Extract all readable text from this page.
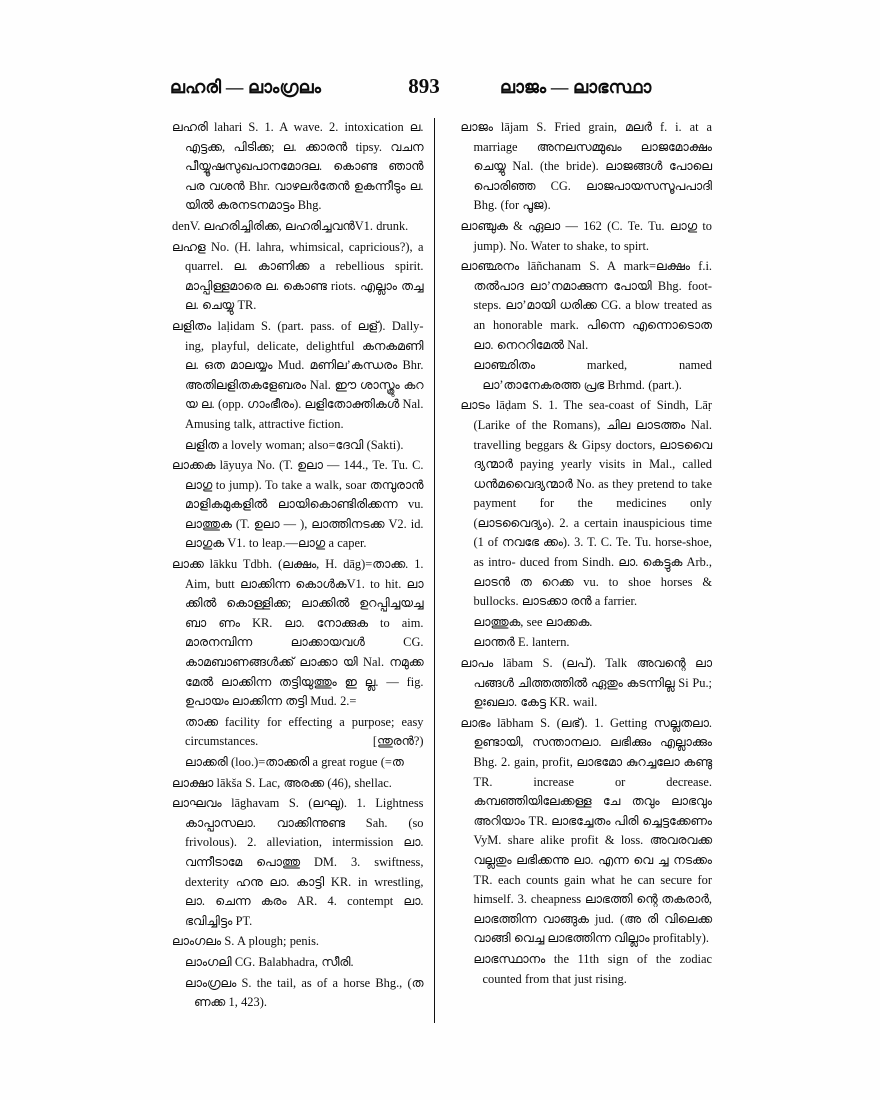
ലഹരി — ലാംഗ്രലം	893	ലാജം — ലാഭസ്ഥാ
ലഹരി lahari S. 1. A wave. 2. intoxication ല. എട്ടക്ക, പിടിക്ക; ല. ക്കാരൻ tipsy. വചന പീയ്യൂഷസുഖപാനമോദല. കൊണ്ട ഞാൻ പര വശൻ Bhr. വാഴലർതേൻ ഉകന്നീടും ല. യിൽ കരനടനമാട്ടം Bhg.
denV. ലഹരിച്ചിരിക്ക, ലഹരിച്ചവൻV1. drunk.
ലഹള No. (H. lahra, whimsical, capricious?), a quarrel. ല. കാണിക്ക a rebellious spirit. മാപ്പിള്ളമാരെ ല. കൊണ്ട riots. എല്ലാം തച്ച ല. ചെയ്യു TR.
ലളിതം laḷidam S. (part. pass. of ലള്). Dally- ing, playful, delicate, delightful കനകമണി ല. ഒത മാലയ്യം Mud. മണിലʼകന്ധരം Bhr. അതിലളിതകളേബരം Nal. ഈ ശാസ്ത്രും കറ യ ല. (opp. ഗാംഭീരം). ലളിതോക്തികൾ Nal. Amusing talk, attractive fiction.
ലളിത a lovely woman; also=ദേവി (Sakti).
ലാക്കക lāyuya No. (T. ഉലാ — 144., Te. Tu. C. ലാഗു to jump). To take a walk, soar തമ്പുരാൻ മാളികമുകളിൽ ലായികൊണ്ടിരിക്കന്ന vu. ലാത്തുക (T. ഉലാ — ), ലാത്തിനടക്ക V2. id. ലാഗുക V1. to leap.—ലാഗു a caper.
ലാക്ക lākku Tdbh. (ലക്ഷം, H. dāg)=താക്ക. 1. Aim, butt ലാക്കിന്ന കൊൾകV1. to hit. ലാ ക്കിൽ കൊള്ളിക്ക; ലാക്കിൽ ഉറപ്പിച്ചയച്ച ബാ ണം KR. ലാ. നോക്കുക to aim. മാരനമ്പിന്ന	ലാക്കായവൾ CG. കാമബാണങ്ങൾക്ക് ലാക്കാ യി Nal. നമുക്ക മേൽ ലാക്കിന്ന തട്ടിയുത്തും ഇ ല്ല. — fig. ഉപായം ലാക്കിന്ന തട്ടി Mud. 2.=
താക്ക facility for effecting a purpose; easy circumstances.	[ന്തുരൻ?)
ലാക്കരി (loo.)=താക്കരി a great rogue (=ത
ലാക്ഷാ lākša S. Lac, അരക്ക (46), shellac.
ലാഘവം lāghavam S. (ലഘു). 1. Lightness കാപ്പാസലാ. വാക്കിന്നുണ്ട Sah. (so frivolous). 2. alleviation, intermission ലാ. വന്നീടാമേ പൊത്തു DM. 3. swiftness, dexterity ഹനു ലാ. കാട്ടി KR. in wrestling, ലാ. ചെന്ന കരം AR. 4. contempt ലാ. ഭവിച്ചിട്ടം PT.
ലാംഗലം S. A plough; penis.
ലാംഗലി CG. Balabhadra, സീരി.
ലാംഗ്രലം S. the tail, as of a horse Bhg., (ത ണക്ക 1, 423).
ലാജം lājam S. Fried grain, മലർ f. i. at a marriage അനലസമ്മുഖം ലാജമോക്ഷം ചെയ്യു Nal. (the bride). ലാജങ്ങൾ പോലെ പൊരിഞ്ഞ CG. ലാജപായസസൂപപാദി Bhg. (for പൂജ).
ലാഞ്ചുക & ഏലാ — 162 (C. Te. Tu. ലാഗു to jump). No. Water to shake, to spirt.
ലാഞ്ഛനം lāñchanam S. A mark=ലക്ഷം f.i. തൽപാദ ലാʼനമാക്കുന്ന പോയി Bhg. foot- steps. ലാʼമായി ധരിക്ക CG. a blow treated as an honorable mark. പിന്നെ എന്നൊടൊത ലാ. നെററിമേൽ Nal.
ലാഞ്ഛിതം marked, named ലാʼതാനേകരത്ത പ്രഭ Brhmd. (part.).
ലാടം lāḍam S. 1. The sea-coast of Sindh, Lāṛ (Larike of the Romans), ചില ലാടത്തം Nal. travelling beggars & Gipsy doctors, ലാടവൈ ദ്യന്മാർ paying yearly visits in Mal., called ധൻമവൈദ്യന്മാർ No. as they pretend to take payment for the medicines only (ലാടവൈദ്യം). 2. a certain inauspicious time (1 of നവഭേ ക്കം). 3. T. C. Te. Tu. horse-shoe, as intro- duced from Sindh. ലാ. കെട്ടുക Arb., ലാടൻ ത റെക്ക vu. to shoe horses & bullocks. ലാടക്കാ രൻ a farrier.
ലാത്തുക, see ലാക്കക.
ലാന്തർ E. lantern.
ലാപം lābam S. (ലപ്). Talk അവന്റെ ലാ പങ്ങൾ ചിത്തത്തിൽ ഏതും കടന്നില്ല Si Pu.; ഉഃഖലാ. കേട്ട KR. wail.
ലാഭം lābham S. (ലഭ്). 1. Getting സല്ലതലാ. ഉണ്ടായി, സന്താനലാ. ലഭിക്കും എല്ലാക്കും Bhg. 2. gain, profit, ലാഭമോ കുറച്ചലോ കണ്ടു TR.	increase or decrease. കമ്പഞ്ഞിയിലേക്കള്ള ചേ തവും ലാഭവും അറിയാം TR. ലാഭച്ചേതം പിരി ച്ചെട്ടക്കേണം VyM. share alike profit & loss. അവരവക്ക വല്ലതും ലഭിക്കന്നു ലാ. എന്ന വെ ച്ച നടക്കം TR. each counts gain what he can secure for himself. 3. cheapness ലാഭത്തി ന്റെ തകരാർ, ലാഭത്തിന്ന വാങ്ങുക jud. (അ രി വിലെക്ക വാങ്ങി വെച്ച ലാഭത്തിന്ന വില്ലാം profitably).
ലാഭസ്ഥാനം the 11th sign of the zodiac counted from that just rising.
